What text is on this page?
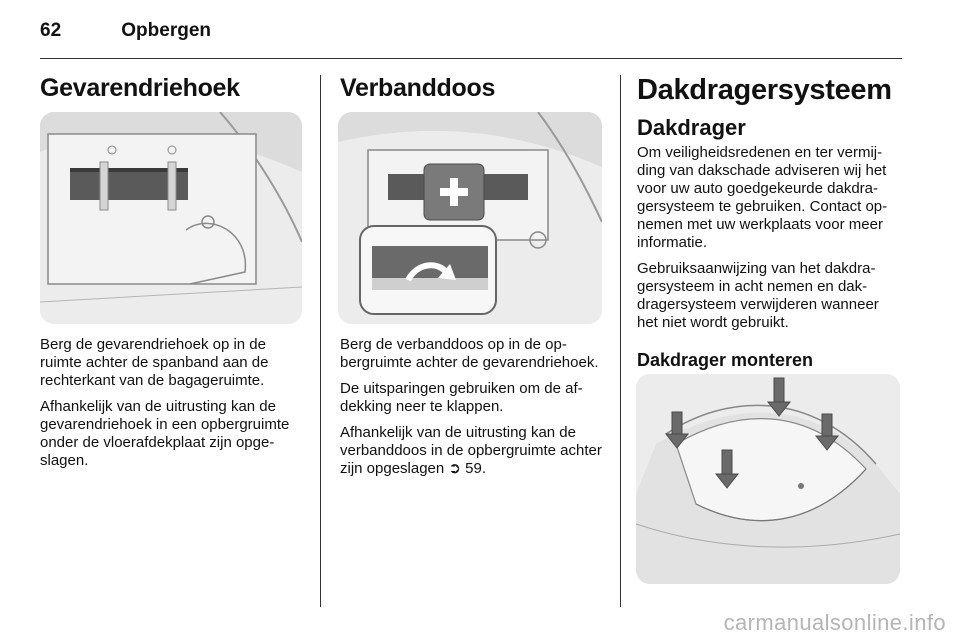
62	Opbergen
Gevarendriehoek

Berg de gevarendriehoek op in de ruimte achter de spanband aan de rechterkant van de bagageruimte.

Afhankelijk van de uitrusting kan de gevarendriehoek in een opbergruimte onder de vloerafdekplaat zijn opgeslagen.

Verbanddoos

Berg de verbanddoos op in de opbergruimte achter de gevarendriehoek.

De uitsparingen gebruiken om de afdekking neer te klappen.

Afhankelijk van de uitrusting kan de verbanddoos in de opbergruimte achter zijn opgeslagen ➲ 59.

Dakdragersysteem
Dakdrager

Om veiligheidsredenen en ter vermijding van dakschade adviseren wij het voor uw auto goedgekeurde dakdragersysteem te gebruiken. Contact opnemen met uw werkplaats voor meer informatie.

Gebruiksaanwijzing van het dakdragersysteem in acht nemen en dakdragersysteem verwijderen wanneer het niet wordt gebruikt.

Dakdrager monteren
carmanualsonline.info
